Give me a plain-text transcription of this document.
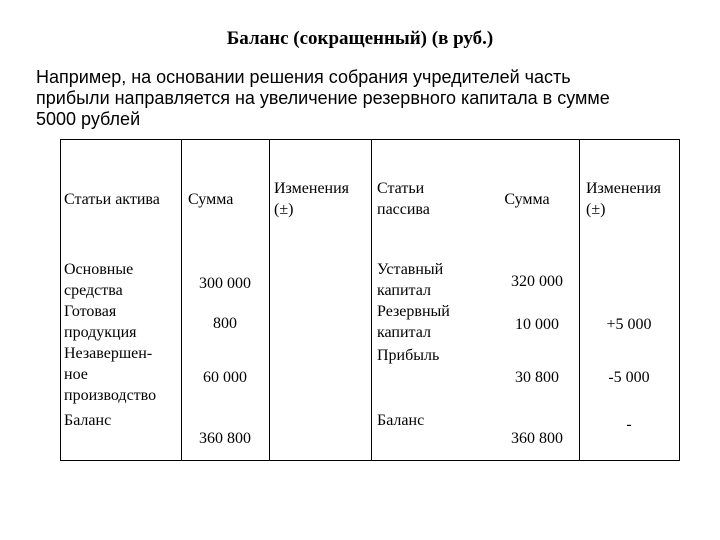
Баланс (сокращенный) (в руб.)
Например, на основании решения собрания учредителей часть
прибыли направляется на увеличение резервного капитала в сумме
5000 рублей
Статьи актива Сумма
Изменения (±)
Статьи пассива
Сумма
Изменения (±)
Основные средства
Готовая продукция
Незавершен-ное производство
Баланс
300 000
800
60 000
360 800
Уставный капитал
Резервный капитал
Прибыль
Баланс
320 000
10 000
30 800
360 800
+5 000
-5 000
-
